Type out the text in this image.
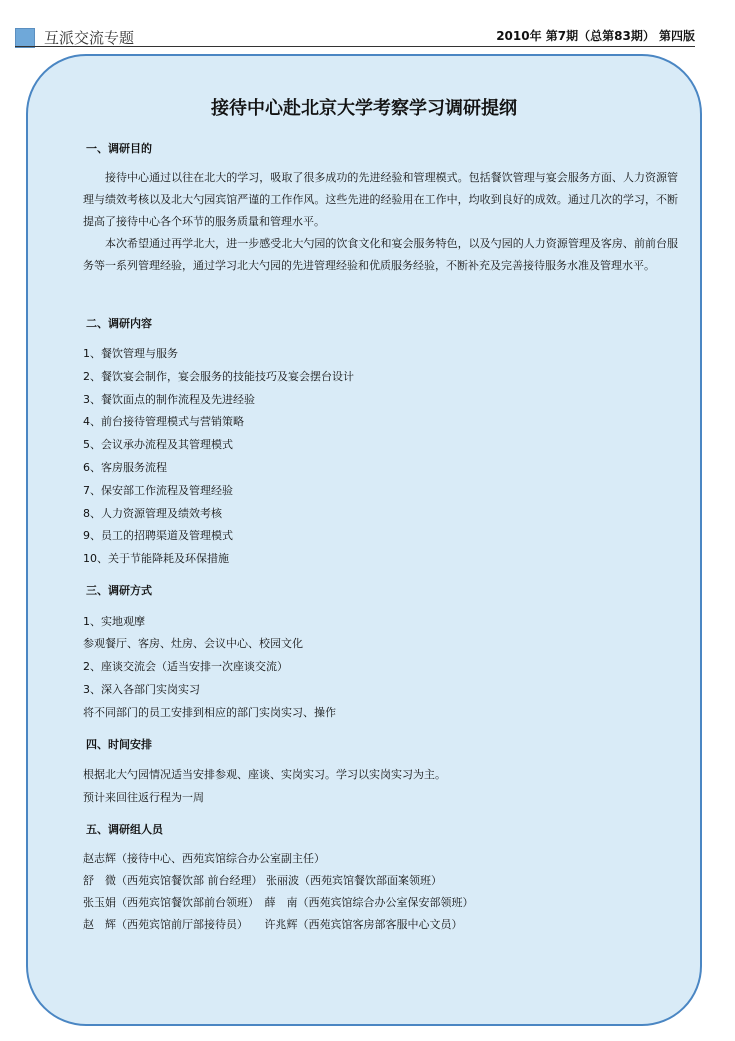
互派交流专题	2010年 第7期（总第83期） 第四版
接待中心赴北京大学考察学习调研提纲
一、调研目的
接待中心通过以往在北大的学习，吸取了很多成功的先进经验和管理模式。包括餐饮管理与宴会服务方面、人力资源管理与绩效考核以及北大勺园宾馆严谨的工作作风。这些先进的经验用在工作中，均收到良好的成效。通过几次的学习，不断提高了接待中心各个环节的服务质量和管理水平。
本次希望通过再学北大，进一步感受北大勺园的饮食文化和宴会服务特色，以及勺园的人力资源管理及客房、前前台服务等一系列管理经验，通过学习北大勺园的先进管理经验和优质服务经验，不断补充及完善接待服务水准及管理水平。
二、调研内容
1、餐饮管理与服务
2、餐饮宴会制作，宴会服务的技能技巧及宴会摆台设计
3、餐饮面点的制作流程及先进经验
4、前台接待管理模式与营销策略
5、会议承办流程及其管理模式
6、客房服务流程
7、保安部工作流程及管理经验
8、人力资源管理及绩效考核
9、员工的招聘渠道及管理模式
10、关于节能降耗及环保措施
三、调研方式
1、实地观摩
参观餐厅、客房、灶房、会议中心、校园文化
2、座谈交流会（适当安排一次座谈交流）
3、深入各部门实岗实习
将不同部门的员工安排到相应的部门实岗实习、操作
四、时间安排
根据北大勺园情况适当安排参观、座谈、实岗实习。学习以实岗实习为主。
预计来回往返行程为一周
五、调研组人员
赵志辉（接待中心、西苑宾馆综合办公室副主任）
舒　微（西苑宾馆餐饮部 前台经理） 张丽波（西苑宾馆餐饮部面案领班）
张玉娟（西苑宾馆餐饮部前台领班）　薛　南（西苑宾馆综合办公室保安部领班）
赵　辉（西苑宾馆前厅部接待员）　　许兆辉（西苑宾馆客房部客服中心文员）
